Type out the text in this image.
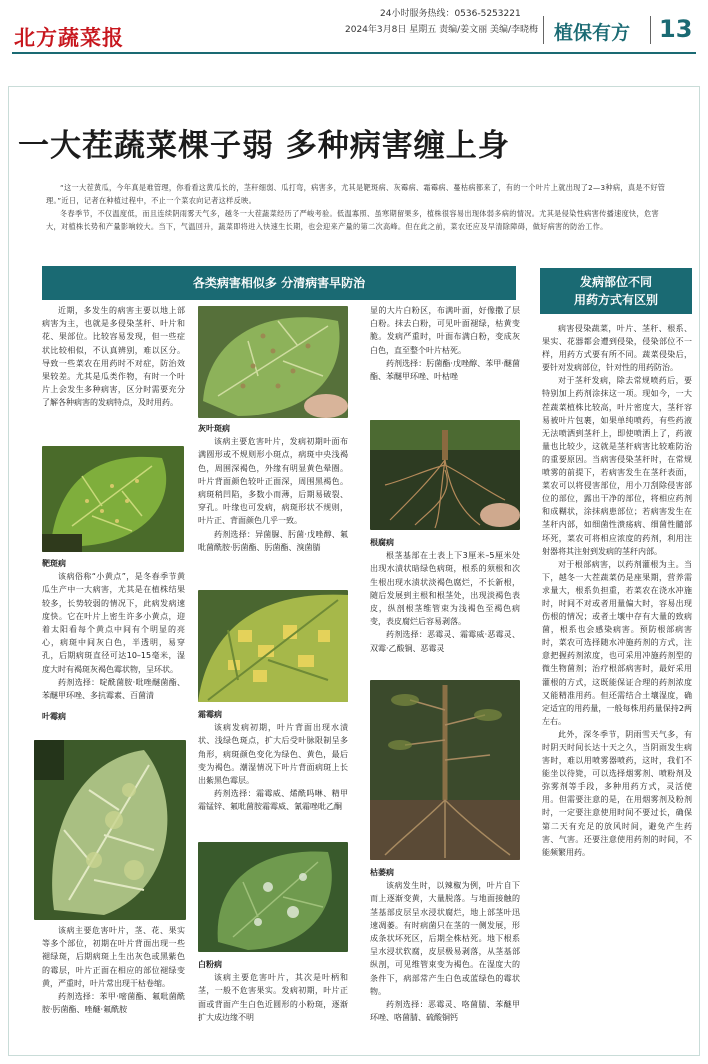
北方蔬菜报
24小时服务热线：0536-5253221
2024年3月8日 星期五 责编/姜文丽 美编/李晓梅 植保有方 13
一大茬蔬菜棵子弱 多种病害缠上身

“这一大茬黄瓜，今年真是难管理，你看看这黄瓜长的，茎秆细弱、瓜打弯，病害多，尤其是靶斑病、灰霉病、霜霉病、蔓枯病都来了，有的一个叶片上就出现了2—3种病，真是不好管理。”近日，记者在种植过程中，不止一个菜农向记者这样反映。

冬春季节，不仅温度低，而且连续阴雨雾天气多，越冬一大茬蔬菜经历了严峻考验。低温寡照、虽寒期留果多，植株很容易出现体弱多病的情况。尤其是侵染性病害传播速度快，危害大，对植株长势和产量影响较大。当下，气温回升，蔬菜即将进入快速生长期，也会迎来产量的第二次高峰。但在此之前，菜农还应及早清除障碍，做好病害的防治工作。

各类病害相似多 分清病害早防治	发病部位不同
用药方式有区别

近期，多发生的病害主要以地上部病害为主，也就是多侵染茎秆、叶片和花、果部位。比较容易发现，但一些症状比较相似，不认真辨别，难以区分。导致一些菜农在用药时不对症，防治效果较差。尤其是瓜类作物，有时一个叶片上会发生多种病害，区分时需要充分了解各种病害的发病特点，及时用药。

靶斑病

该病俗称“小黄点”，是冬春季节黄瓜生产中一大病害，尤其是在植株结果较多，长势较弱的情况下，此病发病速度快。它在叶片上密生许多小黄点，迎着太阳看每个黄点中间有个明显的亮心，病斑中间灰白色，半透明，易穿孔，后期病斑直径可达10–15毫米，湿度大时有褐斑灰褐色霉状物，呈环状。

药剂选择：啶酰菌胺·吡唑醚菌酯、苯醚甲环唑、多抗霉素、百菌清

叶霉病

该病主要危害叶片，茎、花、果实等多个部位，初期在叶片背面出现一些褪绿斑，后期病斑上生出灰色或黑紫色的霉层，叶片正面在相应的部位褪绿变黄，严重时，叶片常出现干枯卷缩。

药剂选择：苯甲·嘧菌酯、氟吡菌酰胺·肟菌酯、唑醚·氟酰胺

灰叶斑病

该病主要危害叶片，发病初期叶面布满圆形或不规则形小斑点，病斑中央浅褐色，周围深褐色，外缘有明显黄色晕圈。叶片背面颜色较叶正面深，周围黑褐色。病斑稍凹陷，多数小而薄，后期易破裂、穿孔。叶缘也可发病，病斑形状不规则，叶片正、背面颜色几乎一致。

药剂选择：异菌脲、肟菌·戊唑醇、氟吡菌酰胺·肟菌酯、肟菌酯、溴菌腈

霜霉病

该病发病初期，叶片背面出现水渍状、浅绿色斑点，扩大后受叶脉限制呈多角形，病斑颜色变化为绿色、黄色，最后变为褐色。潮湿情况下叶片背面病斑上长出紫黑色霉层。

药剂选择：霜霉威、烯酰吗啉、精甲霜锰锌、氟吡菌胺霜霉威、氰霜唑吡乙酮

白粉病

该病主要危害叶片，其次是叶柄和茎，一般不危害果实。发病初期，叶片正面或背面产生白色近圆形的小粉斑，逐渐扩大成边缘不明

显的大片白粉区，布满叶面，好像撒了层白粉。抹去白粉，可见叶面褪绿，枯黄变脆。发病严重时，叶面布满白粉，变成灰白色，直至整个叶片枯死。

药剂选择：肟菌酯·戊唑醇、苯甲·醚菌酯、苯醚甲环唑、叶枯唑

根腐病

根茎基部在土表上下3厘米–5厘米处出现水渍状暗绿色病斑，根系的须根和次生根出现水渍状淡褐色腐烂，不长新根，随后发展到主根和根茎处，出现淡褐色表皮，纵剖根茎维管束为浅褐色至褐色病变，表皮腐烂后容易剥落。

药剂选择：恶霉灵、霜霉威·恶霉灵、双霉·乙酸铜、恶霉灵

枯萎病

该病发生时，以辣椒为例，叶片自下而上逐渐变黄，大量脱落。与地面接触的茎基部皮层呈水浸状腐烂，地上部茎叶迅速凋萎。有时病菌只在茎的一侧发展，形成条状坏死区，后期全株枯死。地下根系呈水浸状软腐，皮层极易剥落，从茎基部纵剖，可见维管束变为褐色。在湿度大的条件下，病部常产生白色或蓝绿色的霉状物。

药剂选择：恶霉灵、咯菌腈、苯醚甲环唑、咯菌腈、硫酸铜钙

病害侵染蔬菜，叶片、茎秆、根系、果实、花器都会遭到侵染，侵染部位不一样，用药方式要有所不同。蔬菜侵染后，要针对发病部位，针对性的用药防治。

对于茎秆发病，除去常规喷药后，要特别加上药剂涂抹这一项。现如今，一大茬蔬菜植株比较高，叶片密度大，茎秆容易被叶片包裹，如果单纯喷药，有些药液无法喷洒到茎秆上，即使喷洒上了，药液量也比较少，这就是茎秆病害比较难防治的重要原因。当病害侵染茎秆时，在常规喷雾的前提下，若病害发生在茎秆表面，菜农可以将侵害部位，用小刀刮除侵害部位的部位，露出干净的部位，将相应药剂和成糊状，涂抹病患部位；若病害发生在茎秆内部，如细菌性溃疡病、细菌性髓部坏死，菜农可将相应浓度的药剂，利用注射器将其注射到发病的茎秆内部。

对于根部病害，以药剂灌根为主。当下，越冬一大茬蔬菜仍是座果期，营养需求量大，根系负担重，若菜农在浇水冲施时，时间不对或者用量偏大时，容易出现伤根的情况；或者土壤中存有大量的致病菌，根系也会感染病害。预防根部病害时，菜农可选择随水冲施药剂的方式，注意把握药剂浓度，也可采用冲施药剂型的微生物菌剂；治疗根部病害时，最好采用灌根的方式，这既能保证合理的药剂浓度又能精准用药。但还需结合土壤湿度，确定适宜的用药量，一般每株用药量保持2两左右。

此外，深冬季节，阴雨雪天气多，有时阴天时间长达十天之久，当阴雨发生病害时，难以用喷雾器喷药，这时，我们不能坐以待毙，可以选择烟雾剂、喷粉剂及弥雾剂等手段，多种用药方式，灵活使用。但需要注意的是，在用烟雾剂及粉剂时，一定要注意使用时间不要过长，确保第二天有充足的放风时间，避免产生药害、气害。还要注意使用药剂的时间，不能频繁用药。
